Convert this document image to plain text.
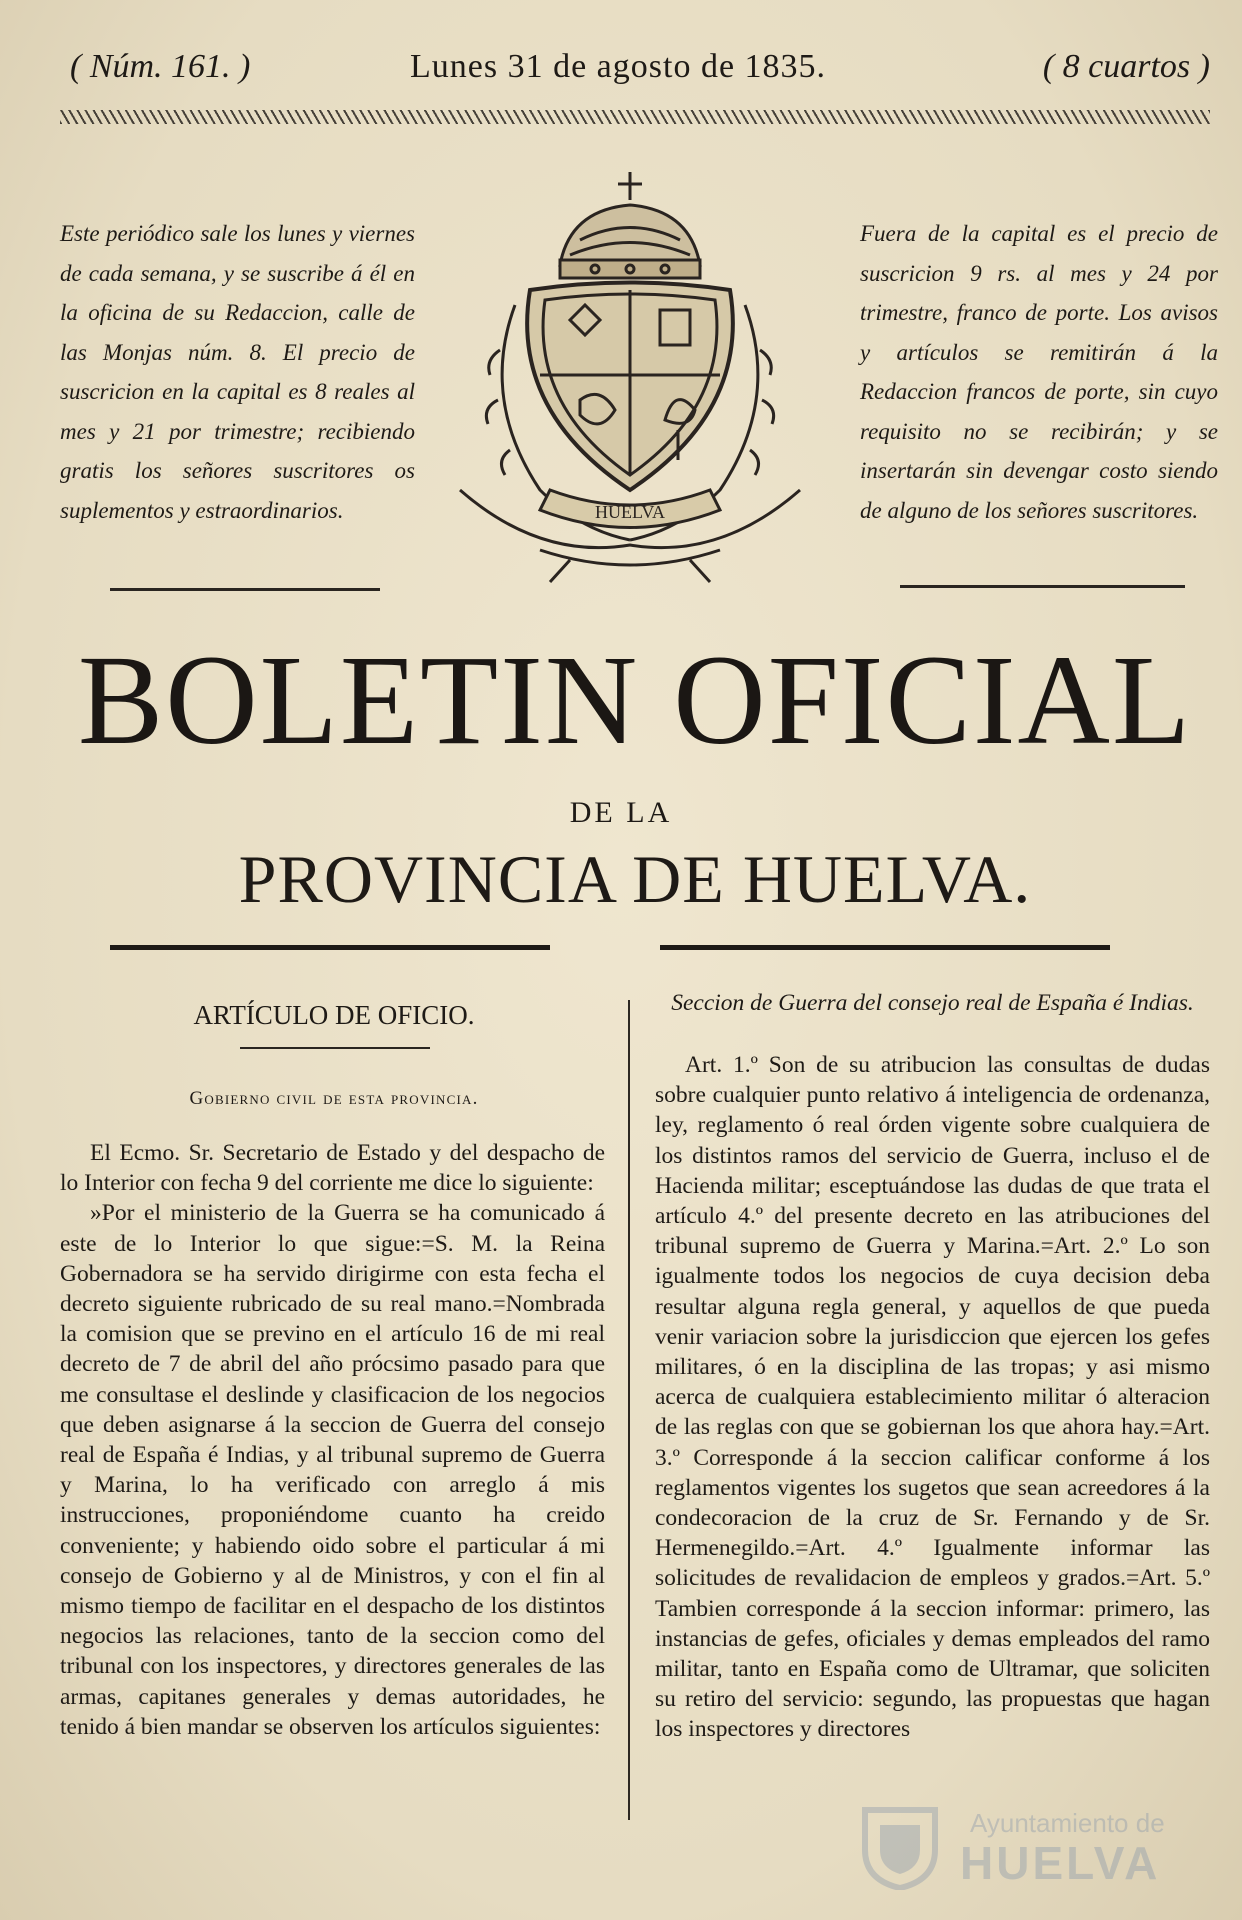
( Núm. 161. )	Lunes 31 de agosto de 1835.	( 8 cuartos )
Este periódico sale los lunes y viernes de cada semana, y se suscribe á él en la oficina de su Redaccion, calle de las Monjas núm. 8. El precio de suscricion en la capital es 8 reales al mes y 21 por trimestre; recibiendo gratis los señores suscritores os suplementos y estraordinarios.
Fuera de la capital es el precio de suscricion 9 rs. al mes y 24 por trimestre, franco de porte. Los avisos y artículos se remitirán á la Redaccion francos de porte, sin cuyo requisito no se recibirán; y se insertarán sin devengar costo siendo de alguno de los señores suscritores.
HUELVA
BOLETIN OFICIAL
DE LA
PROVINCIA DE HUELVA.
ARTÍCULO DE OFICIO.
Gobierno civil de esta provincia.

El Ecmo. Sr. Secretario de Estado y del despacho de lo Interior con fecha 9 del corriente me dice lo siguiente:

»Por el ministerio de la Guerra se ha comunicado á este de lo Interior lo que sigue:=S. M. la Reina Gobernadora se ha servido dirigirme con esta fecha el decreto siguiente rubricado de su real mano.=Nombrada la comision que se previno en el artículo 16 de mi real decreto de 7 de abril del año prócsimo pasado para que me consultase el deslinde y clasificacion de los negocios que deben asignarse á la seccion de Guerra del consejo real de España é Indias, y al tribunal supremo de Guerra y Marina, lo ha verificado con arreglo á mis instrucciones, proponiéndome cuanto ha creido conveniente; y habiendo oido sobre el particular á mi consejo de Gobierno y al de Ministros, y con el fin al mismo tiempo de facilitar en el despacho de los distintos negocios las relaciones, tanto de la seccion como del tribunal con los inspectores, y directores generales de las armas, capitanes generales y demas autoridades, he tenido á bien mandar se observen los artículos siguientes:

Seccion de Guerra del consejo real de España é Indias.

Art. 1.º Son de su atribucion las consultas de dudas sobre cualquier punto relativo á inteligencia de ordenanza, ley, reglamento ó real órden vigente sobre cualquiera de los distintos ramos del servicio de Guerra, incluso el de Hacienda militar; esceptuándose las dudas de que trata el artículo 4.º del presente decreto en las atribuciones del tribunal supremo de Guerra y Marina.=Art. 2.º Lo son igualmente todos los negocios de cuya decision deba resultar alguna regla general, y aquellos de que pueda venir variacion sobre la jurisdiccion que ejercen los gefes militares, ó en la disciplina de las tropas; y asi mismo acerca de cualquiera establecimiento militar ó alteracion de las reglas con que se gobiernan los que ahora hay.=Art. 3.º Corresponde á la seccion calificar conforme á los reglamentos vigentes los sugetos que sean acreedores á la condecoracion de la cruz de Sr. Fernando y de Sr. Hermenegildo.=Art. 4.º Igualmente informar las solicitudes de revalidacion de empleos y grados.=Art. 5.º Tambien corresponde á la seccion informar: primero, las instancias de gefes, oficiales y demas empleados del ramo militar, tanto en España como de Ultramar, que soliciten su retiro del servicio: segundo, las propuestas que hagan los inspectores y directores

Ayuntamiento de
HUELVA
